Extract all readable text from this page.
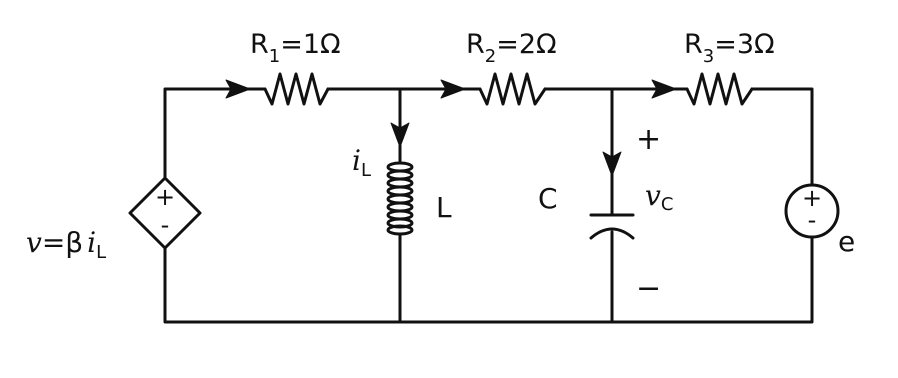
+
-
+
-
$R_1=1\Omega$	$R_2=2\Omega$	$R_3=3\Omega$
iL
L	C
+
vC
−
v=β iL	e
